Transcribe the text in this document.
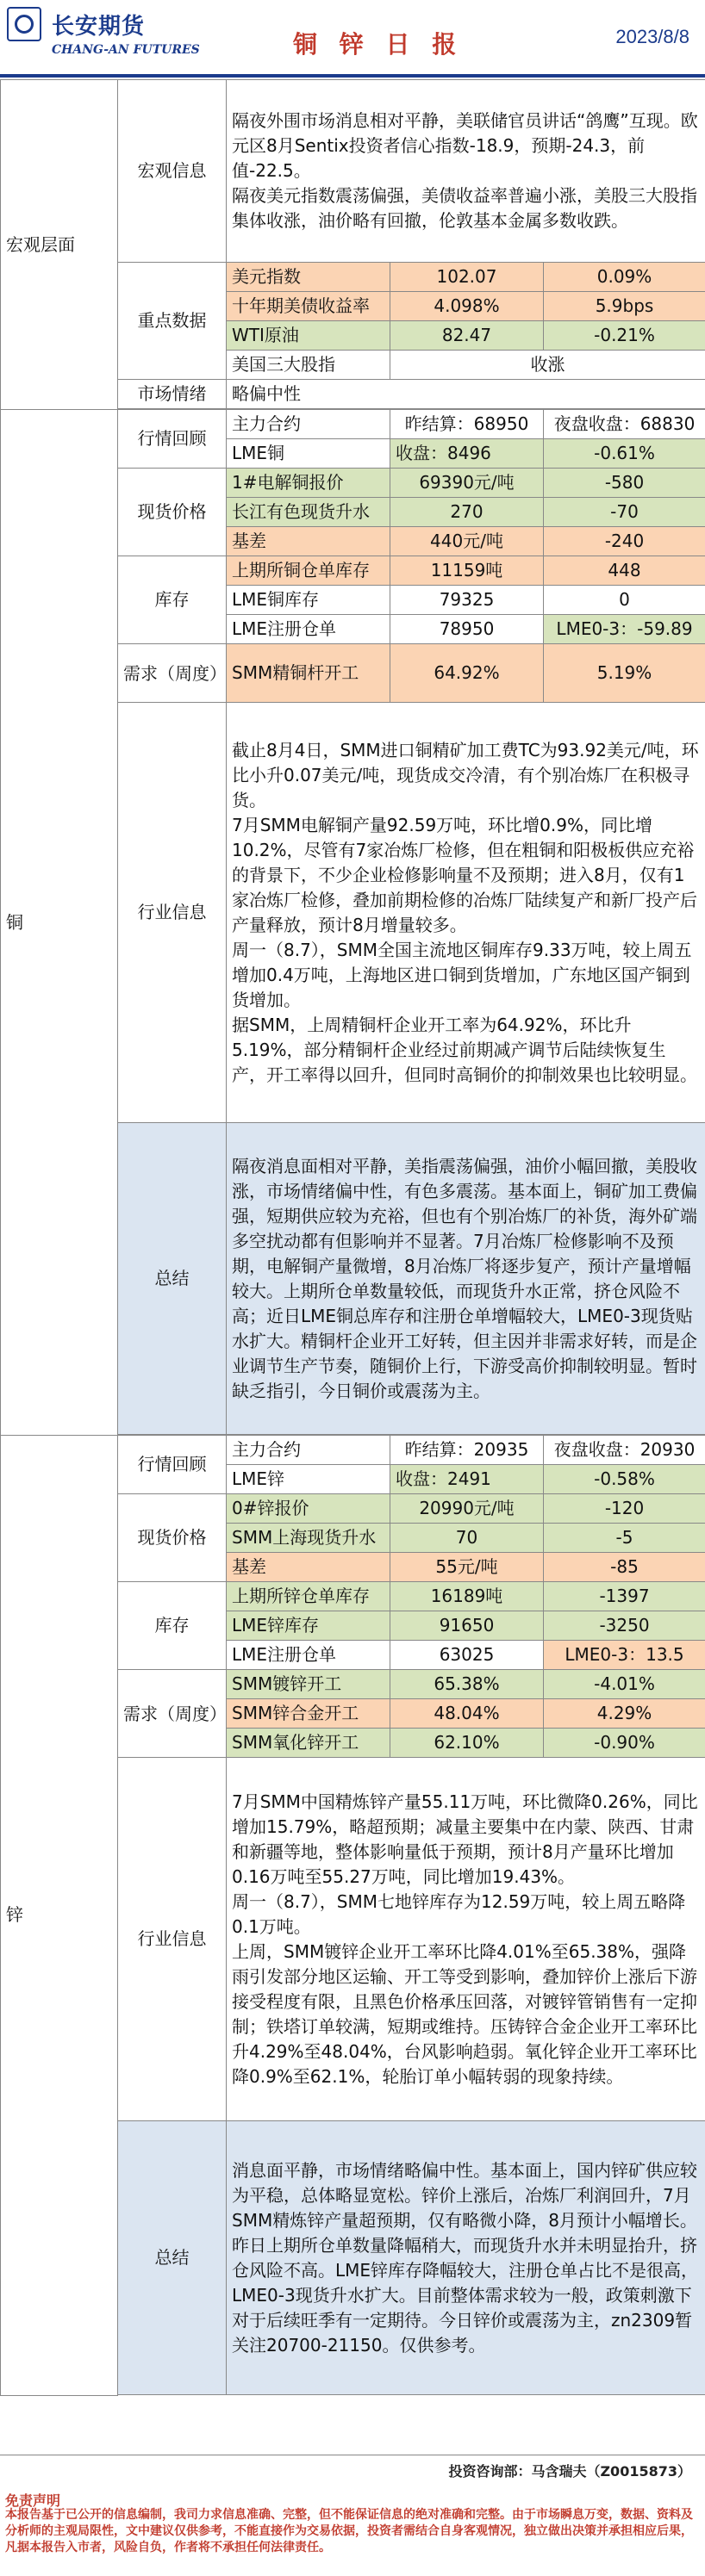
长安期货
CHANG-AN FUTURES	铜 锌 日 报	2023/8/8
宏观层面	宏观信息	隔夜外围市场消息相对平静，美联储官员讲话“鸽鹰”互现。欧元区8月Sentix投资者信心指数-18.9，预期-24.3，前值-22.5。
隔夜美元指数震荡偏强，美债收益率普遍小涨，美股三大股指集体收涨，油价略有回撤，伦敦基本金属多数收跌。		
	重点数据	美元指数	102.07	0.09%
		十年期美债收益率	4.098%	5.9bps
		WTI原油	82.47	-0.21%
		美国三大股指	收涨	
	市场情绪	略偏中性		

铜	行情回顾	主力合约	昨结算：68950	夜盘收盘：68830
		LME铜	收盘：8496	-0.61%
	现货价格	1#电解铜报价	69390元/吨	-580
		长江有色现货升水	270	-70
		基差	440元/吨	-240
	库存	上期所铜仓单库存	11159吨	448
		LME铜库存	79325	0
		LME注册仓单	78950	LME0-3：-59.89
	需求（周度）	SMM精铜杆开工	64.92%	5.19%
	行业信息	截止8月4日，SMM进口铜精矿加工费TC为93.92美元/吨，环比小升0.07美元/吨，现货成交冷清，有个别冶炼厂在积极寻货。
7月SMM电解铜产量92.59万吨，环比增0.9%，同比增10.2%，尽管有7家冶炼厂检修，但在粗铜和阳极板供应充裕的背景下，不少企业检修影响量不及预期；进入8月，仅有1家冶炼厂检修，叠加前期检修的冶炼厂陆续复产和新厂投产后产量释放，预计8月增量较多。
周一（8.7），SMM全国主流地区铜库存9.33万吨，较上周五增加0.4万吨，上海地区进口铜到货增加，广东地区国产铜到货增加。
据SMM，上周精铜杆企业开工率为64.92%，环比升5.19%，部分精铜杆企业经过前期减产调节后陆续恢复生产，开工率得以回升，但同时高铜价的抑制效果也比较明显。		
	总结	隔夜消息面相对平静，美指震荡偏强，油价小幅回撤，美股收涨，市场情绪偏中性，有色多震荡。基本面上，铜矿加工费偏强，短期供应较为充裕，但也有个别冶炼厂的补货，海外矿端多空扰动都有但影响并不显著。7月冶炼厂检修影响不及预期，电解铜产量微增，8月冶炼厂将逐步复产，预计产量增幅较大。上期所仓单数量较低，而现货升水正常，挤仓风险不高；近日LME铜总库存和注册仓单增幅较大，LME0-3现货贴水扩大。精铜杆企业开工好转，但主因并非需求好转，而是企业调节生产节奏，随铜价上行，下游受高价抑制较明显。暂时缺乏指引，今日铜价或震荡为主。		

锌	行情回顾	主力合约	昨结算：20935	夜盘收盘：20930
		LME锌	收盘：2491	-0.58%
	现货价格	0#锌报价	20990元/吨	-120
		SMM上海现货升水	70	-5
		基差	55元/吨	-85
	库存	上期所锌仓单库存	16189吨	-1397
		LME锌库存	91650	-3250
		LME注册仓单	63025	LME0-3：13.5
	需求（周度）	SMM镀锌开工	65.38%	-4.01%
		SMM锌合金开工	48.04%	4.29%
		SMM氧化锌开工	62.10%	-0.90%
	行业信息	7月SMM中国精炼锌产量55.11万吨，环比微降0.26%，同比增加15.79%，略超预期；减量主要集中在内蒙、陕西、甘肃和新疆等地，整体影响量低于预期，预计8月产量环比增加0.16万吨至55.27万吨，同比增加19.43%。
周一（8.7），SMM七地锌库存为12.59万吨，较上周五略降0.1万吨。
上周，SMM镀锌企业开工率环比降4.01%至65.38%，强降雨引发部分地区运输、开工等受到影响，叠加锌价上涨后下游接受程度有限，且黑色价格承压回落，对镀锌管销售有一定抑制；铁塔订单较满，短期或维持。压铸锌合金企业开工率环比升4.29%至48.04%，台风影响趋弱。氧化锌企业开工率环比降0.9%至62.1%，轮胎订单小幅转弱的现象持续。		
	总结	消息面平静，市场情绪略偏中性。基本面上，国内锌矿供应较为平稳，总体略显宽松。锌价上涨后，冶炼厂利润回升，7月SMM精炼锌产量超预期，仅有略微小降，8月预计小幅增长。昨日上期所仓单数量降幅稍大，而现货升水并未明显抬升，挤仓风险不高。LME锌库存降幅较大，注册仓单占比不是很高，LME0-3现货升水扩大。目前整体需求较为一般，政策刺激下对于后续旺季有一定期待。今日锌价或震荡为主，zn2309暂关注20700-21150。仅供参考。		

投资咨询部：马含瑞夫（Z0015873）
免责声明
本报告基于已公开的信息编制，我司力求信息准确、完整，但不能保证信息的绝对准确和完整。由于市场瞬息万变，数据、资料及分析师的主观局限性，文中建议仅供参考，不能直接作为交易依据，投资者需结合自身客观情况，独立做出决策并承担相应后果，凡据本报告入市者，风险自负，作者将不承担任何法律责任。
